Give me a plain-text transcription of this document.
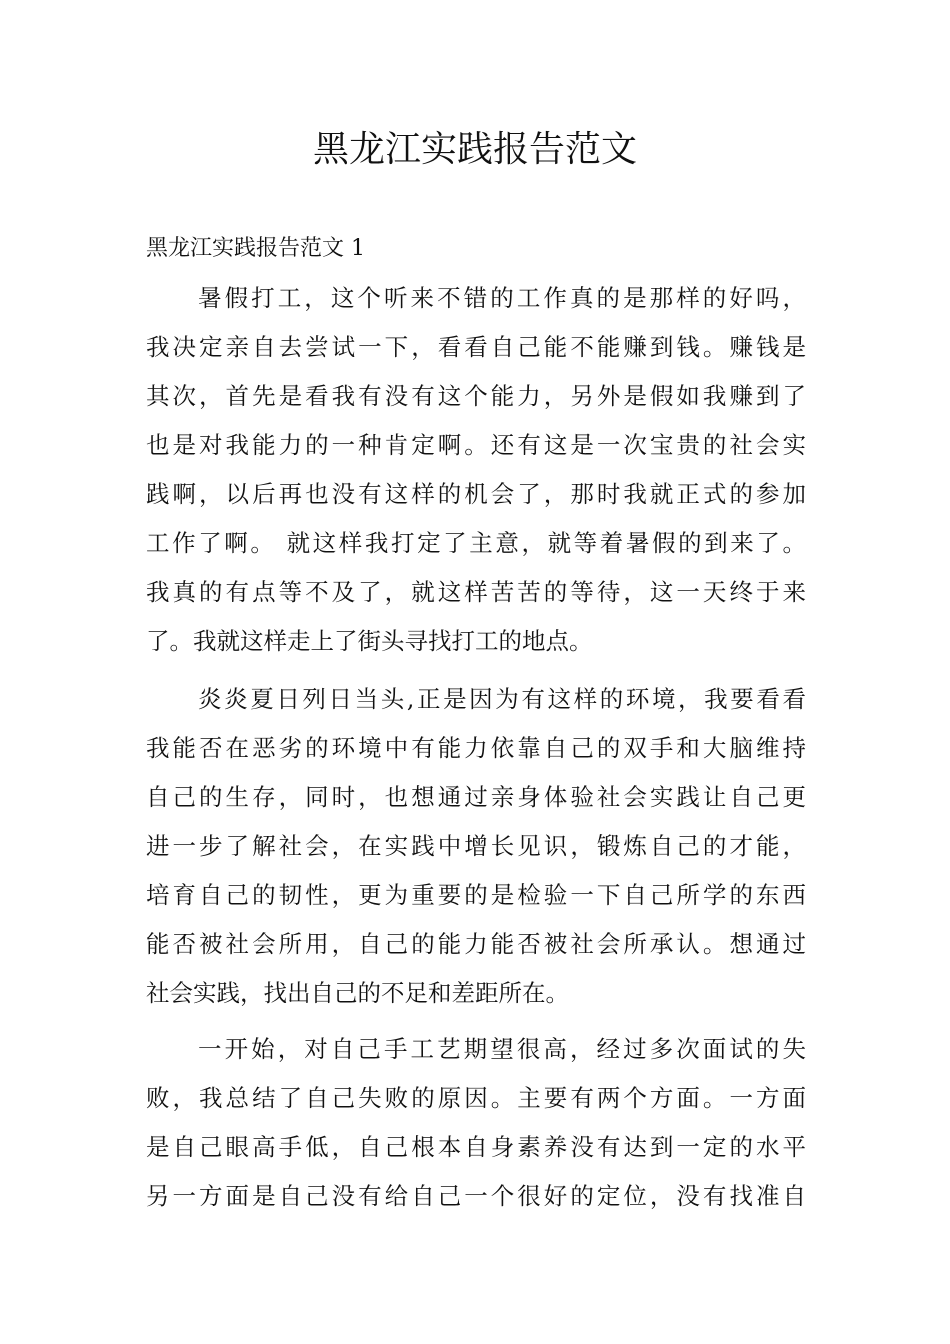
黑龙江实践报告范文
黑龙江实践报告范文 1
暑假打工，这个听来不错的工作真的是那样的好吗，
我决定亲自去尝试一下，看看自己能不能赚到钱。赚钱是
其次，首先是看我有没有这个能力，另外是假如我赚到了
也是对我能力的一种肯定啊。还有这是一次宝贵的社会实
践啊，以后再也没有这样的机会了，那时我就正式的参加
工作了啊。 就这样我打定了主意，就等着暑假的到来了。
我真的有点等不及了，就这样苦苦的等待，这一天终于来
了。我就这样走上了街头寻找打工的地点。
炎炎夏日列日当头,正是因为有这样的环境，我要看看
我能否在恶劣的环境中有能力依靠自己的双手和大脑维持
自己的生存，同时，也想通过亲身体验社会实践让自己更
进一步了解社会，在实践中增长见识，锻炼自己的才能，
培育自己的韧性，更为重要的是检验一下自己所学的东西
能否被社会所用，自己的能力能否被社会所承认。想通过
社会实践，找出自己的不足和差距所在。
一开始，对自己手工艺期望很高，经过多次面试的失
败，我总结了自己失败的原因。主要有两个方面。一方面
是自己眼高手低，自己根本自身素养没有达到一定的水平
另一方面是自己没有给自己一个很好的定位，没有找准自
